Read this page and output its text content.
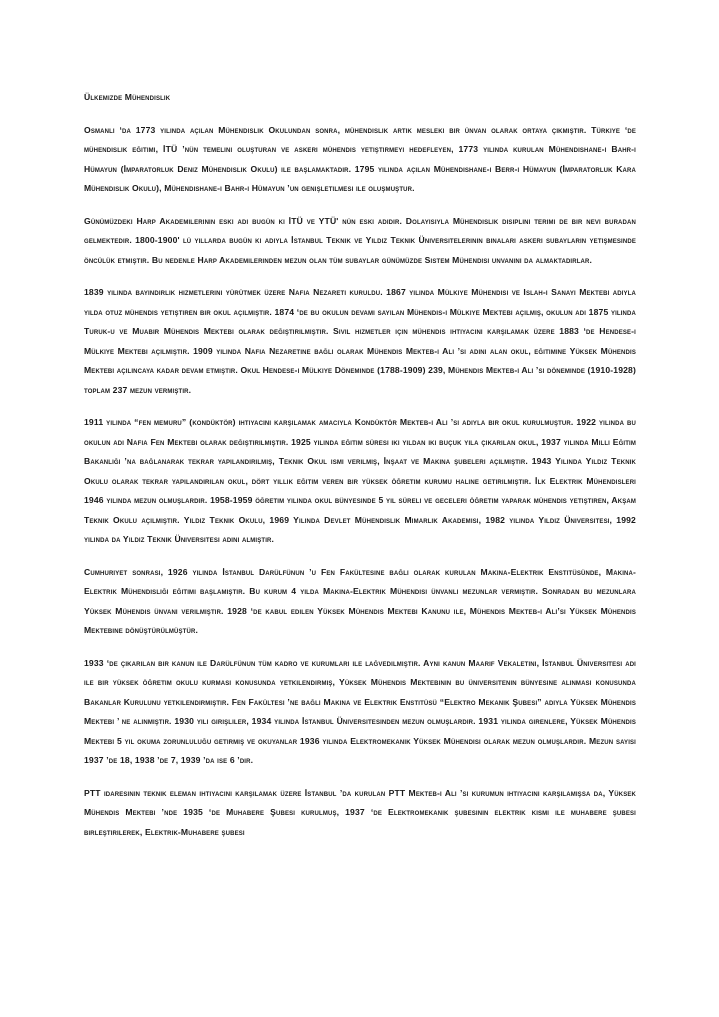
Ülkemizde Mühendislik
Osmanlı ‘da 1773 yılında açılan Mühendislik Okulundan sonra, mühendislik artık mesleki bir ünvan olarak ortaya çıkmıştır. Türkiye ‘de mühendislik eğitimi, İTÜ ’nün temelini oluşturan ve askeri mühendis yetiştirmeyi hedefleyen, 1773 yılında kurulan Mühendishane-i Bahr-i Hümayun (İmparatorluk Deniz Mühendislik Okulu) ile başlamaktadır. 1795 yılında açılan Mühendishane-i Berr-i Hümayun (İmparatorluk Kara Mühendislik Okulu), Mühendishane-i Bahr-i Hümayun ’un genişletilmesi ile oluşmuştur.
Günümüzdeki Harp Akademilerinin eski adı bugün ki İTÜ ve YTÜ' nün eski adıdır. Dolayısıyla Mühendislik disiplini terimi de bir nevi buradan gelmektedir. 1800-1900' lü yıllarda bugün ki adıyla İstanbul Teknik ve Yıldız Teknik Üniversitelerinin binaları askeri subayların yetişmesinde öncülük etmiştir. Bu nedenle Harp Akademilerinden mezun olan tüm subaylar günümüzde Sistem Mühendisi unvanini da almaktadırlar.
1839 yılında bayındırlık hizmetlerini yürütmek üzere Nafia Nezareti kuruldu. 1867 yılında Mülkiye Mühendisi ve Islah-i Sanayi Mektebi adıyla yılda otuz mühendis yetiştiren bir okul açılmıştır. 1874 ‘de bu okulun devamı sayılan Mühendis-i Mülkiye Mektebi açılmış, okulun adı 1875 yılında Turuk-u ve Muabir Mühendis Mektebi olarak değiştirilmiştir. Sivil hizmetler için mühendis ihtiyacını karşılamak üzere 1883 ‘de Hendese-i Mülkiye Mektebi açılmıştır. 1909 yılında Nafia Nezaretine bağlı olarak Mühendis Mekteb-i Ali ’si adını alan okul, eğitimine Yüksek Mühendis Mektebi açılıncaya kadar devam etmiştir. Okul Hendese-i Mülkiye Döneminde (1788-1909) 239, Mühendis Mekteb-i Ali ’si döneminde (1910-1928) toplam 237 mezun vermiştir.
1911 yılında “fen memuru” (kondüktör) ihtiyacını karşılamak amacıyla Kondüktör Mekteb-i Ali ’si adıyla bir okul kurulmuştur. 1922 yılında bu okulun adı Nafia Fen Mektebi olarak değiştirilmiştir. 1925 yılında eğitim süresi iki yıldan iki buçuk yıla çıkarılan okul, 1937 yılında Milli Eğitim Bakanlığı ’na bağlanarak tekrar yapılandırılmış, Teknik Okul ismi verilmiş, İnşaat ve Makina şubeleri açılmıştır. 1943 Yılında Yıldız Teknik Okulu olarak tekrar yapılandırılan okul, dört yıllık eğitim veren bir yüksek öğretim kurumu haline getirilmiştir. İlk Elektrik Mühendisleri 1946 yılında mezun olmuşlardır. 1958-1959 öğretim yılında okul bünyesinde 5 yıl süreli ve geceleri öğretim yaparak mühendis yetiştiren, Akşam Teknik Okulu açılmıştır. Yıldız Teknik Okulu, 1969 Yılında Devlet Mühendislik Mimarlık Akademisi, 1982 yılında Yıldız Üniversitesi, 1992 yılında da Yıldız Teknik Üniversitesi adını almıştır.
Cumhuriyet sonrası, 1926 yılında İstanbul Darülfünun ’u Fen Fakültesine bağlı olarak kurulan Makina-Elektrik Enstitüsünde, Makina-Elektrik Mühendisliği eğitimi başlamıştır. Bu kurum 4 yılda Makina-Elektrik Mühendisi ünvanlı mezunlar vermiştir. Sonradan bu mezunlara Yüksek Mühendis ünvani verilmiştir. 1928 ‘de kabul edilen Yüksek Mühendis Mektebi Kanunu ile, Mühendis Mekteb-i Ali’si Yüksek Mühendis Mektebine dönüştürülmüştür.
1933 ‘de çıkarılan bir kanun ile Darülfünun tüm kadro ve kurumları ile lağvedilmiştir. Aynı kanun Maarif Vekaletini, İstanbul Üniversitesi adı ile bir yüksek öğretim okulu kurması konusunda yetkilendirmiş, Yüksek Mühendis Mektebinin bu üniversitenin bünyesine alınması konusunda Bakanlar Kurulunu yetkilendirmiştir. Fen Fakültesi ’ne bağlı Makina ve Elektrik Enstitüsü “Elektro Mekanik Şubesi” adıyla Yüksek Mühendis Mektebi ’ ne alınmıştır. 1930 yılı girişliler, 1934 yılında İstanbul Üniversitesinden mezun olmuşlardır. 1931 yılında girenlere, Yüksek Mühendis Mektebi 5 yıl okuma zorunluluğu getirmiş ve okuyanlar 1936 yılında Elektromekanik Yüksek Mühendisi olarak mezun olmuşlardır. Mezun sayısı 1937 ’de 18, 1938 ’de 7, 1939 ’da ise 6 ’dır.
PTT idaresinin teknik eleman ihtiyacını karşılamak üzere İstanbul ’da kurulan PTT Mekteb-i Ali ’si kurumun ihtiyacını karşılamışsa da, Yüksek Mühendis Mektebi ’nde 1935 ‘de Muhabere Şubesi kurulmuş, 1937 ‘de Elektromekanik şubesinin elektrik kısmı ile muhabere şubesi birleştirilerek, Elektrik-Muhabere şubesi
